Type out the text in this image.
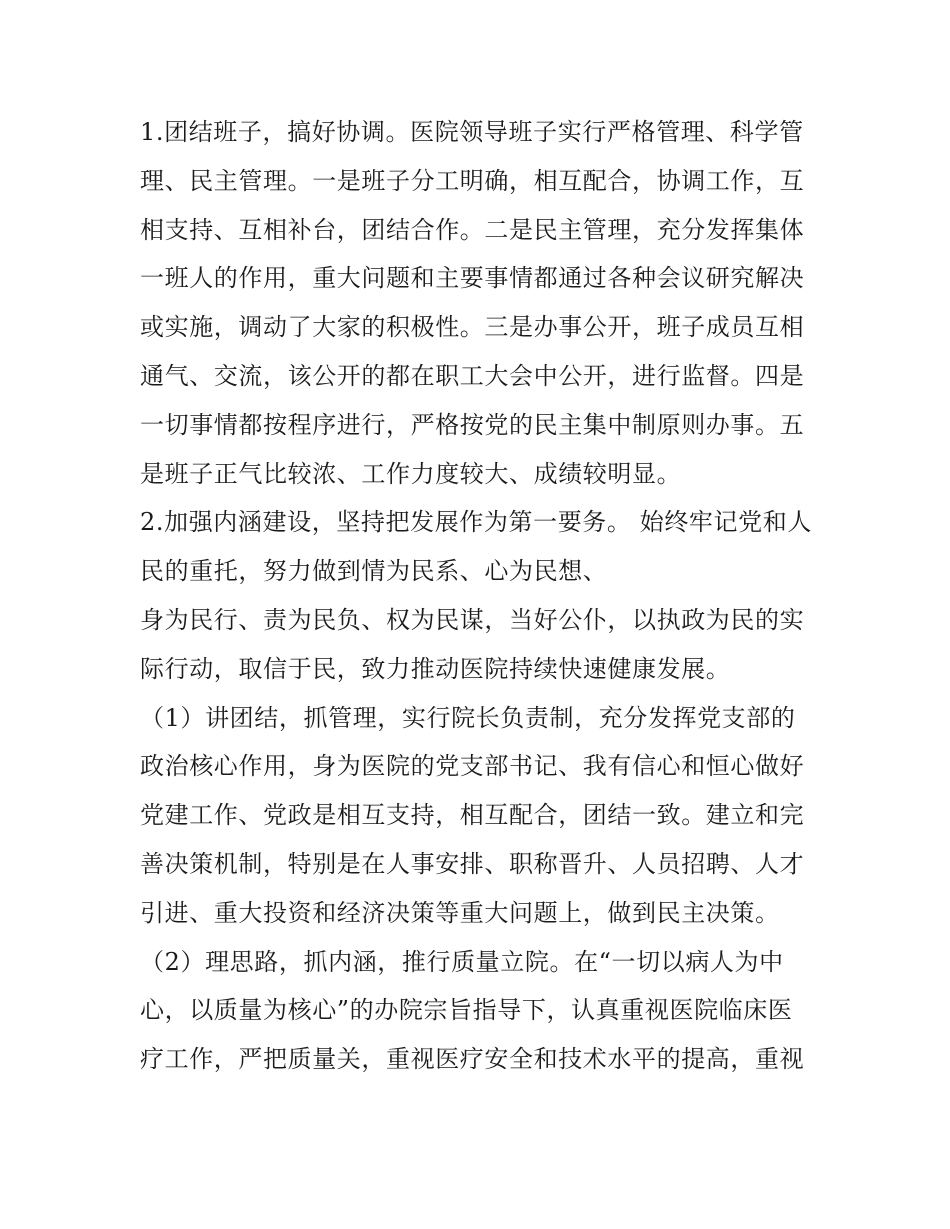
1.团结班子，搞好协调。医院领导班子实行严格管理、科学管
理、民主管理。一是班子分工明确，相互配合，协调工作，互
相支持、互相补台，团结合作。二是民主管理，充分发挥集体
一班人的作用，重大问题和主要事情都通过各种会议研究解决
或实施，调动了大家的积极性。三是办事公开，班子成员互相
通气、交流，该公开的都在职工大会中公开，进行监督。四是
一切事情都按程序进行，严格按党的民主集中制原则办事。五
是班子正气比较浓、工作力度较大、成绩较明显。
2.加强内涵建设，坚持把发展作为第一要务。 始终牢记党和人
民的重托，努力做到情为民系、心为民想、
身为民行、责为民负、权为民谋，当好公仆，以执政为民的实
际行动，取信于民，致力推动医院持续快速健康发展。
（1）讲团结，抓管理，实行院长负责制，充分发挥党支部的
政治核心作用，身为医院的党支部书记、我有信心和恒心做好
党建工作、党政是相互支持，相互配合，团结一致。建立和完
善决策机制，特别是在人事安排、职称晋升、人员招聘、人才
引进、重大投资和经济决策等重大问题上，做到民主决策。
（2）理思路，抓内涵，推行质量立院。在“一切以病人为中
心，以质量为核心”的办院宗旨指导下，认真重视医院临床医
疗工作，严把质量关，重视医疗安全和技术水平的提高，重视
